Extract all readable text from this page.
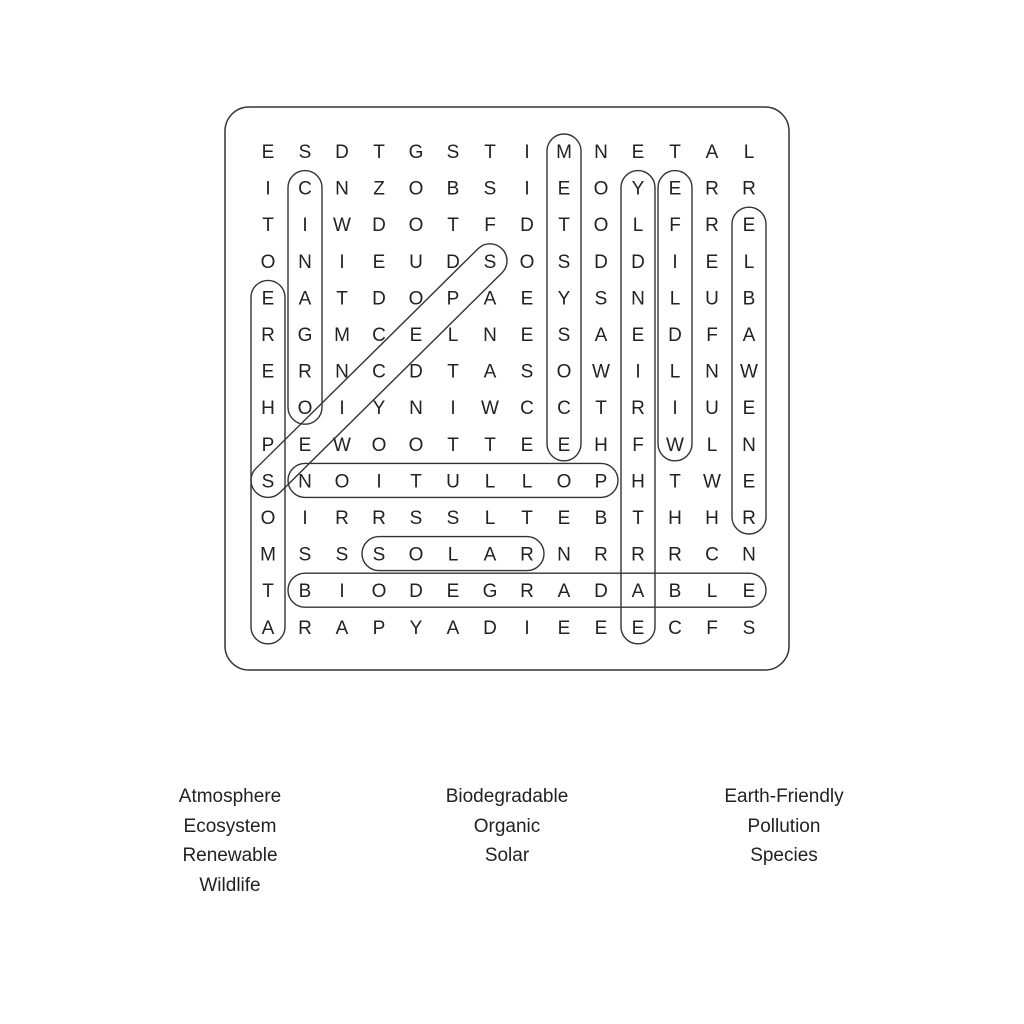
E S D T G S T I M N E T A L
I C N Z O B S I E O Y E R R
T I W D O T F D T O L F R E
O N I E U D S O S D D I E L
E A T D O P A E Y S N L U B
R G M C E L N E S A E D F A
E R N C D T A S O W I L N W
H O I Y N I W C C T R I U E
P E W O O T T E E H F W L N
S N O I T U L L O P H T W E
O I R R S S L T E B T H H R
M S S S O L A R N R R R C N
T B I O D E G R A D A B L E
A R A P Y A D I E E E C F S
Atmosphere
Ecosystem
Renewable
Wildlife
Biodegradable
Organic
Solar
Earth-Friendly
Pollution
Species
